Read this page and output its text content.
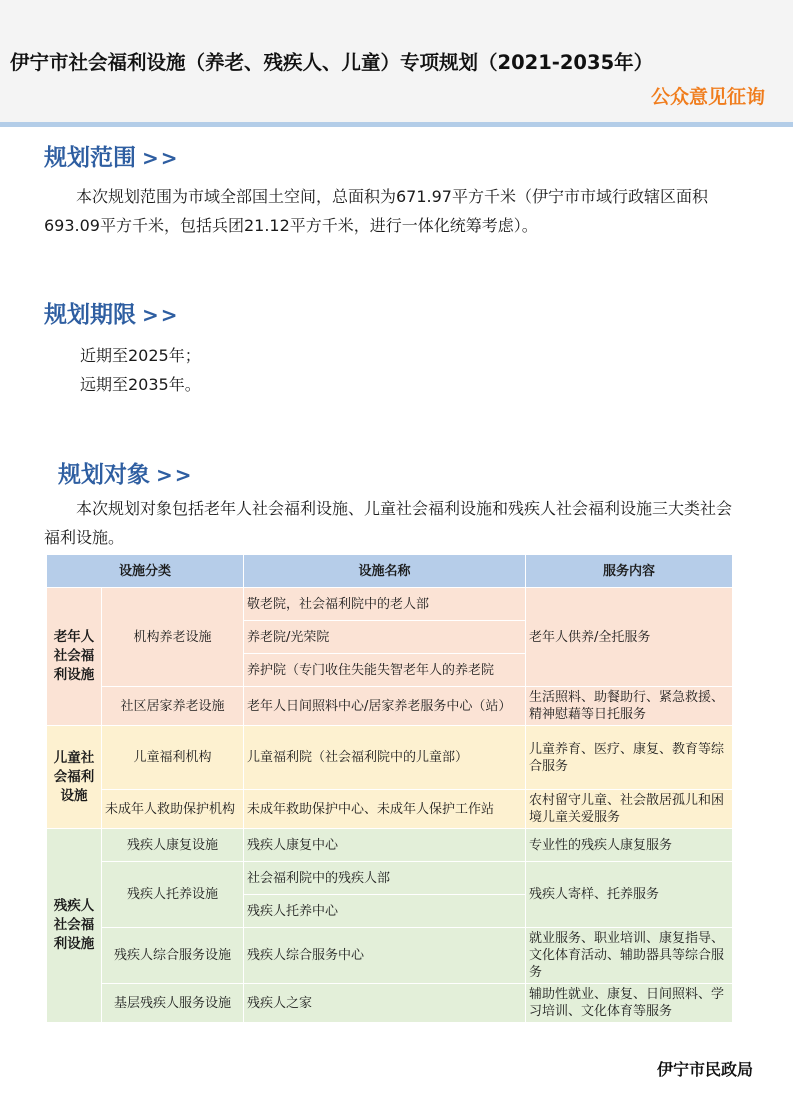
伊宁市社会福利设施（养老、残疾人、儿童）专项规划（2021-2035年）
公众意见征询
规划范围 >>
本次规划范围为市域全部国土空间，总面积为671.97平方千米（伊宁市市域行政辖区面积693.09平方千米，包括兵团21.12平方千米，进行一体化统筹考虑）。
规划期限 >>
近期至2025年；
远期至2035年。
规划对象 >>
本次规划对象包括老年人社会福利设施、儿童社会福利设施和残疾人社会福利设施三大类社会福利设施。
设施分类		设施名称	服务内容
老年人社会福利设施	机构养老设施	敬老院，社会福利院中的老人部	老年人供养/全托服务
		养老院/光荣院	
		养护院（专门收住失能失智老年人的养老院	
	社区居家养老设施	老年人日间照料中心/居家养老服务中心（站）	生活照料、助餐助行、紧急救援、精神慰藉等日托服务
儿童社会福利设施	儿童福利机构	儿童福利院（社会福利院中的儿童部）	儿童养育、医疗、康复、教育等综合服务
	未成年人救助保护机构	未成年救助保护中心、未成年人保护工作站	农村留守儿童、社会散居孤儿和困境儿童关爱服务
残疾人社会福利设施	残疾人康复设施	残疾人康复中心	专业性的残疾人康复服务
	残疾人托养设施	社会福利院中的残疾人部	残疾人寄样、托养服务
		残疾人托养中心	
	残疾人综合服务设施	残疾人综合服务中心	就业服务、职业培训、康复指导、文化体育活动、辅助器具等综合服务
	基层残疾人服务设施	残疾人之家	辅助性就业、康复、日间照料、学习培训、文化体育等服务
伊宁市民政局
